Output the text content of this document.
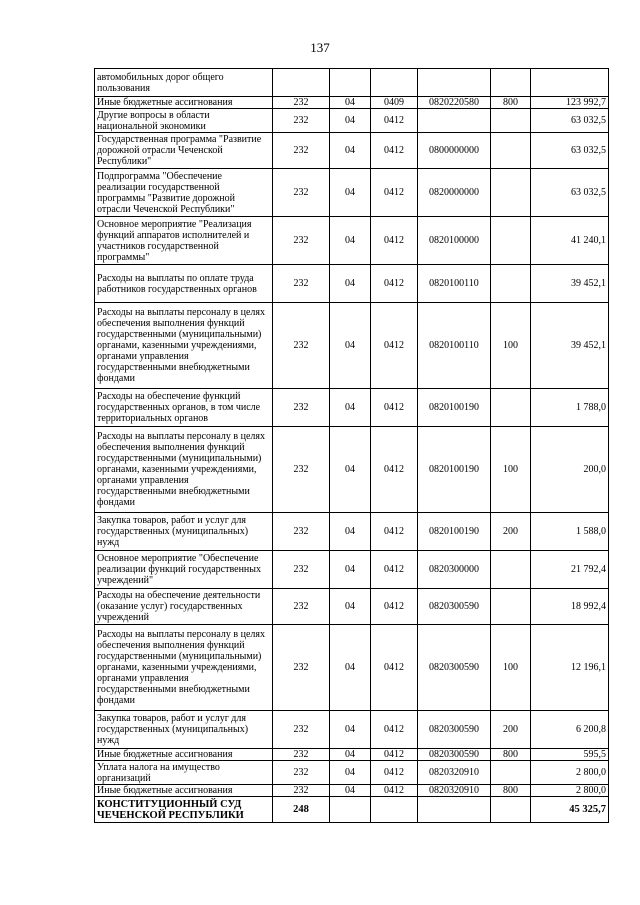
137
автомобильных дорог общего пользования						
Иные бюджетные ассигнования	232	04	0409	0820220580	800	123 992,7
Другие вопросы в области национальной экономики	232	04	0412			63 032,5
Государственная программа "Развитие дорожной отрасли Чеченской Республики"	232	04	0412	0800000000		63 032,5
Подпрограмма "Обеспечение реализации государственной программы "Развитие дорожной отрасли Чеченской Республики"	232	04	0412	0820000000		63 032,5
Основное мероприятие "Реализация функций аппаратов исполнителей и участников государственной программы"	232	04	0412	0820100000		41 240,1
Расходы на выплаты по оплате труда работников государственных органов	232	04	0412	0820100110		39 452,1
Расходы на выплаты персоналу в целях обеспечения выполнения функций государственными (муниципальными) органами, казенными учреждениями, органами управления государственными внебюджетными фондами	232	04	0412	0820100110	100	39 452,1
Расходы на обеспечение функций государственных органов, в том числе территориальных органов	232	04	0412	0820100190		1 788,0
Расходы на выплаты персоналу в целях обеспечения выполнения функций государственными (муниципальными) органами, казенными учреждениями, органами управления государственными внебюджетными фондами	232	04	0412	0820100190	100	200,0
Закупка товаров, работ и услуг для государственных (муниципальных) нужд	232	04	0412	0820100190	200	1 588,0
Основное мероприятие "Обеспечение реализации функций государственных учреждений"	232	04	0412	0820300000		21 792,4
Расходы на обеспечение деятельности (оказание услуг) государственных учреждений	232	04	0412	0820300590		18 992,4
Расходы на выплаты персоналу в целях обеспечения выполнения функций государственными (муниципальными) органами, казенными учреждениями, органами управления государственными внебюджетными фондами	232	04	0412	0820300590	100	12 196,1
Закупка товаров, работ и услуг для государственных (муниципальных) нужд	232	04	0412	0820300590	200	6 200,8
Иные бюджетные ассигнования	232	04	0412	0820300590	800	595,5
Уплата налога на имущество организаций	232	04	0412	0820320910		2 800,0
Иные бюджетные ассигнования	232	04	0412	0820320910	800	2 800,0
КОНСТИТУЦИОННЫЙ СУД ЧЕЧЕНСКОЙ РЕСПУБЛИКИ	248					45 325,7
